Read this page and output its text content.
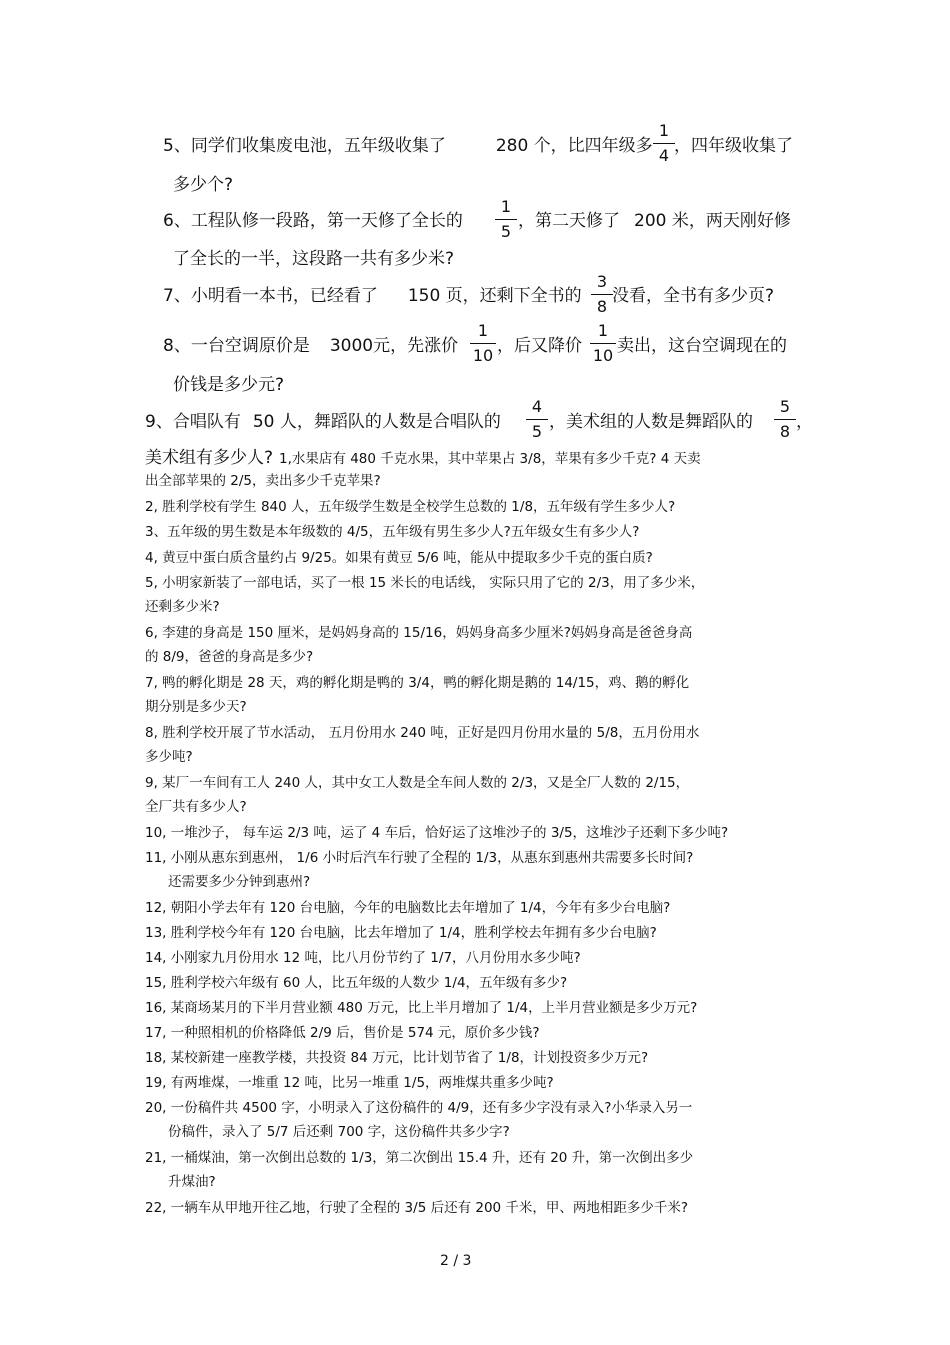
5、同学们收集废电池，五年级收集了	280 个，比四年级多
1
4 ，四年级收集了
多少个?
6、工程队修一段路，第一天修了全长的
1
5
，第二天修了 200 米，两天刚好修
了全长的一半，这段路一共有多少米?
7、小明看一本书，已经看了 150 页，还剩下全书的
3
8
没看，全书有多少页?
8、一台空调原价是 3000元，先涨价
1
10 ，后又降价
1
10 卖出，这台空调现在的
价钱是多少元?
9、合唱队有 50 人，舞蹈队的人数是合唱队的
4
5 ，美术组的人数是舞蹈队的
5
8 ，
美术组有多少人? 1,水果店有 480 千克水果，其中苹果占 3/8，苹果有多少千克? 4 天卖
出全部苹果的 2/5，卖出多少千克苹果?
2, 胜利学校有学生 840 人，五年级学生数是全校学生总数的 1/8，五年级有学生多少人?
3、五年级的男生数是本年级数的 4/5，五年级有男生多少人?五年级女生有多少人?
4, 黄豆中蛋白质含量约占 9/25。如果有黄豆 5/6 吨，能从中提取多少千克的蛋白质?
5, 小明家新装了一部电话，买了一根 15 米长的电话线， 实际只用了它的 2/3，用了多少米，
还剩多少米?
6, 李建的身高是 150 厘米，是妈妈身高的 15/16，妈妈身高多少厘米?妈妈身高是爸爸身高
的 8/9，爸爸的身高是多少?
7, 鸭的孵化期是 28 天，鸡的孵化期是鸭的 3/4，鸭的孵化期是鹅的 14/15，鸡、鹅的孵化
期分别是多少天?
8, 胜利学校开展了节水活动， 五月份用水 240 吨，正好是四月份用水量的 5/8，五月份用水
多少吨?
9, 某厂一车间有工人 240 人，其中女工人数是全车间人数的 2/3，又是全厂人数的 2/15，
全厂共有多少人?
10, 一堆沙子， 每车运 2/3 吨，运了 4 车后，恰好运了这堆沙子的 3/5，这堆沙子还剩下多少吨?
11, 小刚从惠东到惠州， 1/6 小时后汽车行驶了全程的 1/3，从惠东到惠州共需要多长时间?
还需要多少分钟到惠州?
12, 朝阳小学去年有 120 台电脑，今年的电脑数比去年增加了 1/4，今年有多少台电脑?
13, 胜利学校今年有 120 台电脑，比去年增加了 1/4，胜利学校去年拥有多少台电脑?
14, 小刚家九月份用水 12 吨，比八月份节约了 1/7，八月份用水多少吨?
15, 胜利学校六年级有 60 人，比五年级的人数少 1/4，五年级有多少?
16, 某商场某月的下半月营业额 480 万元，比上半月增加了 1/4，上半月营业额是多少万元?
17, 一种照相机的价格降低 2/9 后，售价是 574 元，原价多少钱?
18, 某校新建一座教学楼，共投资 84 万元，比计划节省了 1/8，计划投资多少万元?
19, 有两堆煤，一堆重 12 吨，比另一堆重 1/5，两堆煤共重多少吨?
20, 一份稿件共 4500 字，小明录入了这份稿件的 4/9，还有多少字没有录入?小华录入另一
份稿件，录入了 5/7 后还剩 700 字，这份稿件共多少字?
21, 一桶煤油，第一次倒出总数的 1/3，第二次倒出 15.4 升，还有 20 升，第一次倒出多少
升煤油?
22, 一辆车从甲地开往乙地，行驶了全程的 3/5 后还有 200 千米，甲、两地相距多少千米?
2 / 3
